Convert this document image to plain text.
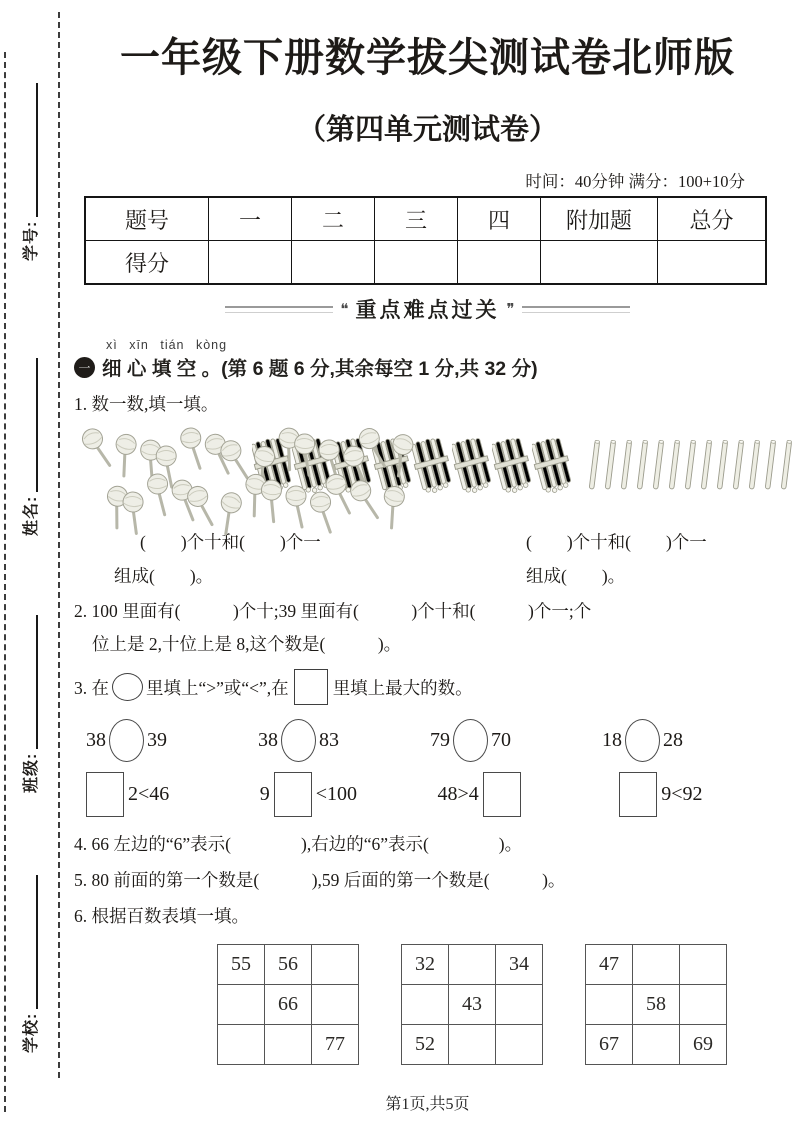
学号:
姓名:
班级:
学校:
一年级下册数学拔尖测试卷北师版
（第四单元测试卷）
时间：40分钟 满分：100+10分
题号	一	二	三	四	附加题	总分
得分						
❝ 重点难点过关 ❞
xì xīn tián kòng
一 细 心 填 空 。 (第 6 题 6 分,其余每空 1 分,共 32 分)
1. 数一数,填一填。
(        )个十和(        )个一
组成(        )。
(        )个十和(        )个一
组成(        )。
2. 100 里面有(            )个十;39 里面有(            )个十和(            )个一;个
位上是 2,十位上是 8,这个数是(            )。
3. 在 里填上“>”或“<”,在	里填上最大的数。
38 39	38 83	79 70	18 28
2<46	9 <100	48>4	9<92
4. 66 左边的“6”表示(                ),右边的“6”表示(                )。
5. 80 前面的第一个数是(            ),59 后面的第一个数是(            )。
6. 根据百数表填一填。
55	56	
	66	
		77
32		34
	43	
52		
47		
	58	
67		69
第1页,共5页
